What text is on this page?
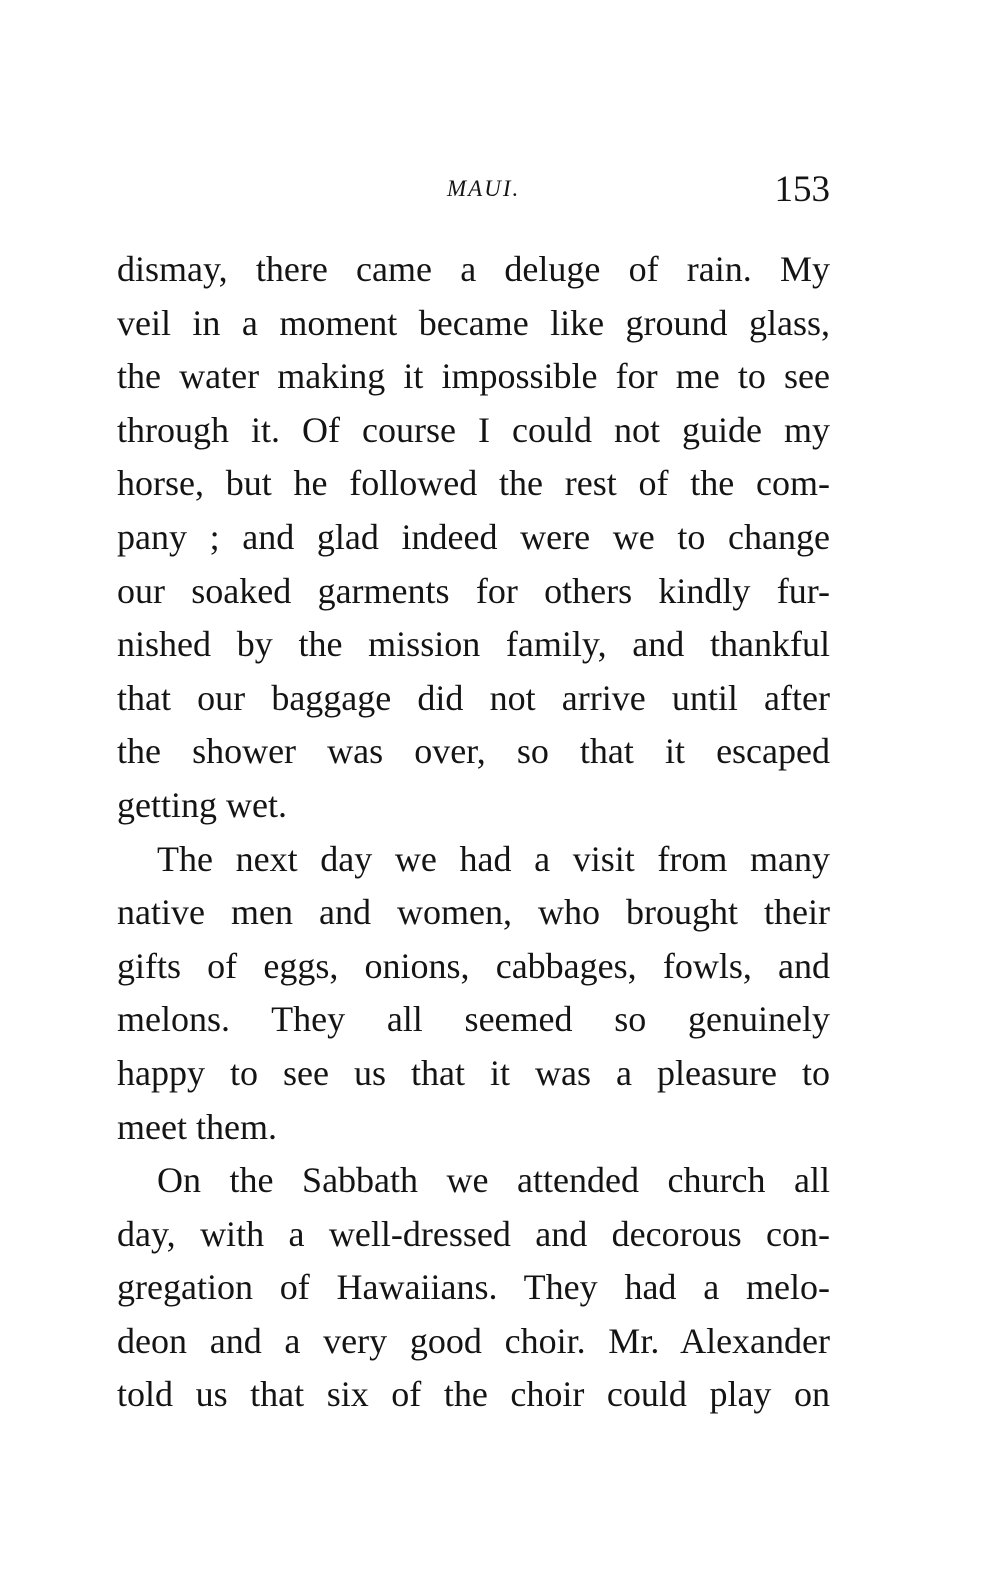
MAUI.	153
dismay, there came a deluge of rain. My
veil in a moment became like ground glass,
the water making it impossible for me to see
through it. Of course I could not guide my
horse, but he followed the rest of the com-
pany ; and glad indeed were we to change
our soaked garments for others kindly fur-
nished by the mission family, and thankful
that our baggage did not arrive until after
the shower was over, so that it escaped
getting wet.
The next day we had a visit from many
native men and women, who brought their
gifts of eggs, onions, cabbages, fowls, and
melons. They all seemed so genuinely
happy to see us that it was a pleasure to
meet them.
On the Sabbath we attended church all
day, with a well-dressed and decorous con-
gregation of Hawaiians. They had a melo-
deon and a very good choir. Mr. Alexander
told us that six of the choir could play on
